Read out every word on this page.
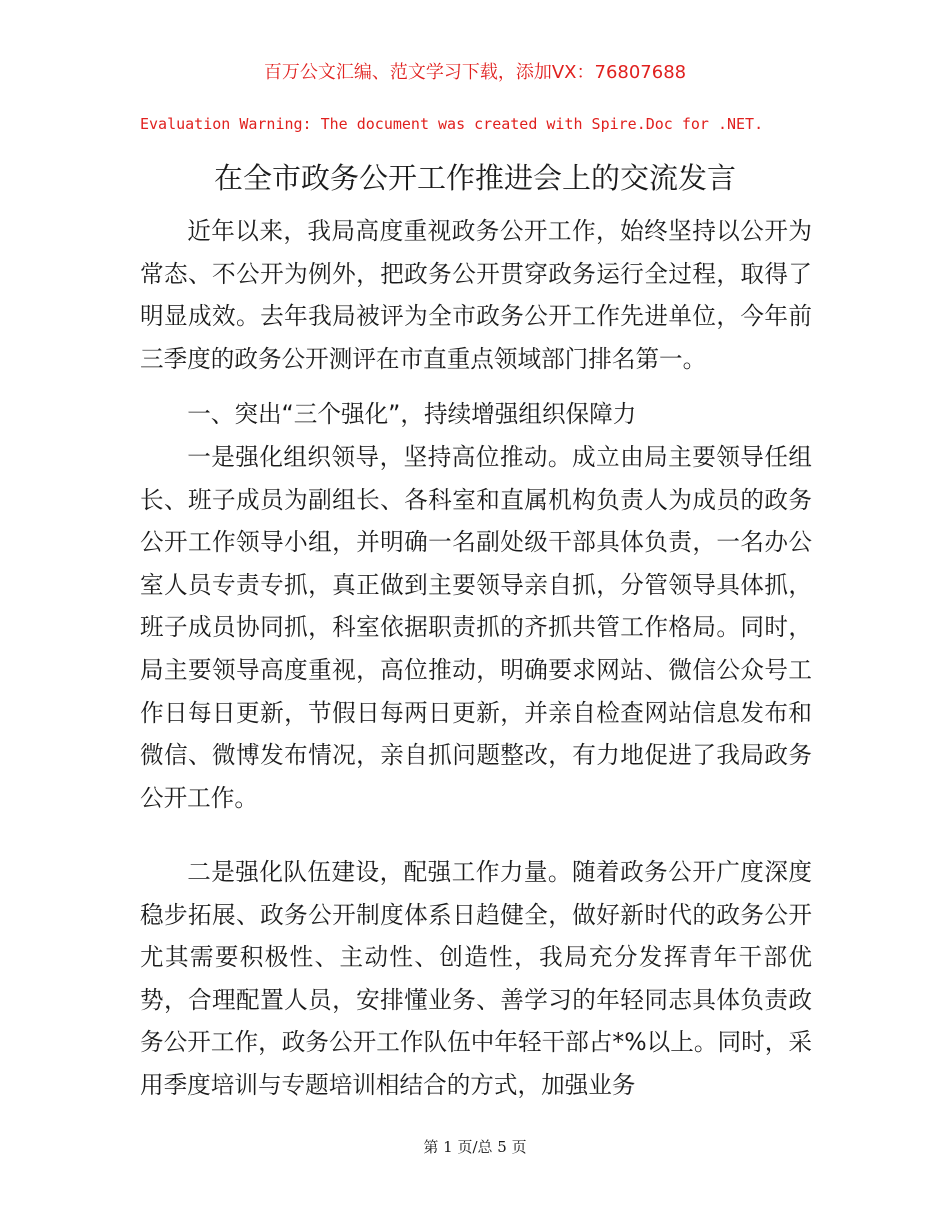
百万公文汇编、范文学习下载，添加VX：76807688
Evaluation Warning: The document was created with Spire.Doc for .NET.
在全市政务公开工作推进会上的交流发言

近年以来，我局高度重视政务公开工作，始终坚持以公开为常态、不公开为例外，把政务公开贯穿政务运行全过程，取得了明显成效。去年我局被评为全市政务公开工作先进单位，今年前三季度的政务公开测评在市直重点领域部门排名第一。

一、突出“三个强化”，持续增强组织保障力

一是强化组织领导，坚持高位推动。成立由局主要领导任组长、班子成员为副组长、各科室和直属机构负责人为成员的政务公开工作领导小组，并明确一名副处级干部具体负责，一名办公室人员专责专抓，真正做到主要领导亲自抓，分管领导具体抓，班子成员协同抓，科室依据职责抓的齐抓共管工作格局。同时，局主要领导高度重视，高位推动，明确要求网站、微信公众号工作日每日更新，节假日每两日更新，并亲自检查网站信息发布和微信、微博发布情况，亲自抓问题整改，有力地促进了我局政务公开工作。

二是强化队伍建设，配强工作力量。随着政务公开广度深度稳步拓展、政务公开制度体系日趋健全，做好新时代的政务公开尤其需要积极性、主动性、创造性，我局充分发挥青年干部优势，合理配置人员，安排懂业务、善学习的年轻同志具体负责政务公开工作，政务公开工作队伍中年轻干部占*%以上。同时，采用季度培训与专题培训相结合的方式，加强业务

第 1 页/总 5 页
